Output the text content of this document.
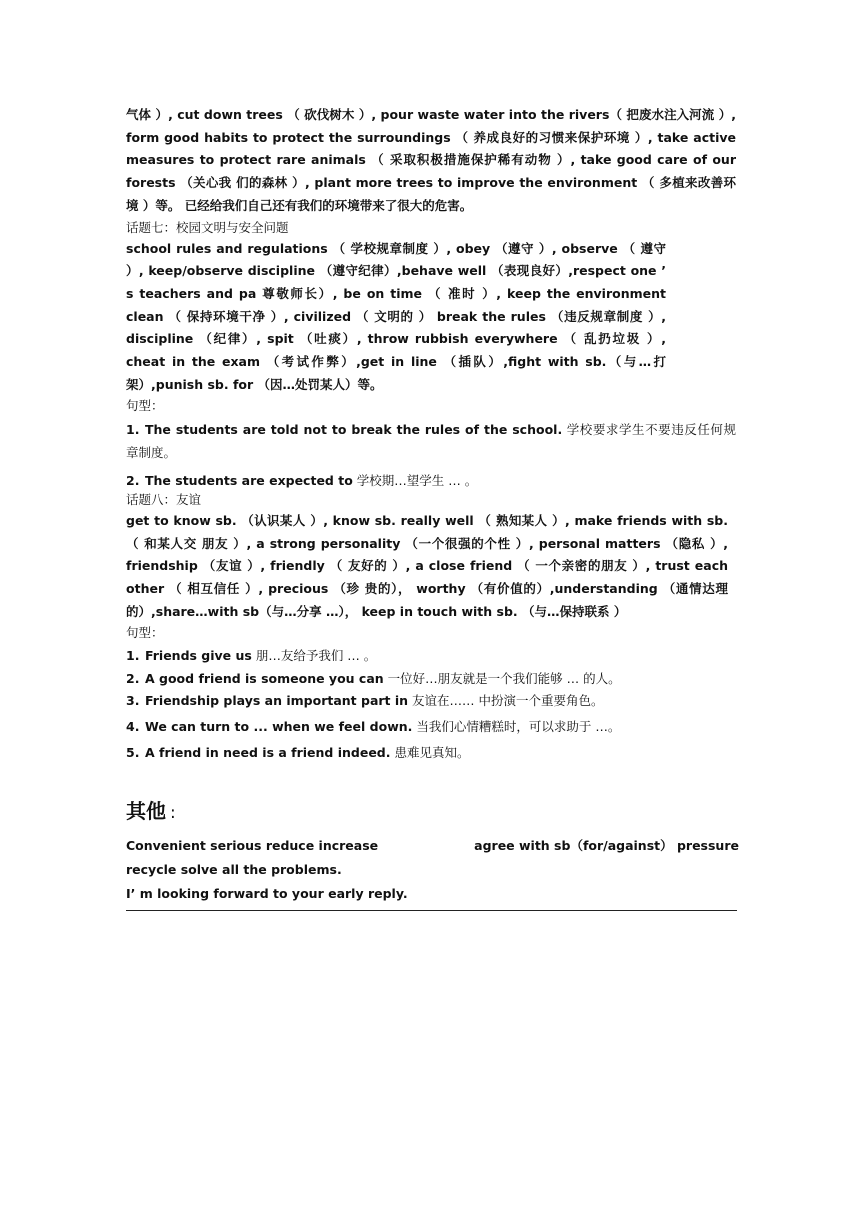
气体 ）, cut down trees （ 砍伐树木 ）, pour waste water into the rivers（ 把废水注入河流 ）, form good habits to protect the surroundings （ 养成良好的习惯来保护环境 ）, take active measures to protect rare animals （ 采取积极措施保护稀有动物 ）, take good care of our forests （关心我 们的森林 ）, plant more trees to improve the environment （ 多植来改善环境 ）等。 已经给我们自己还有我们的环境带来了很大的危害。

话题七：校园文明与安全问题

school rules and regulations （ 学校规章制度 ）, obey （遵守 ）, observe （ 遵守 ）, keep/observe discipline （遵守纪律）,behave well （表现良好）,respect one ’ s teachers and pa 尊敬师长）, be on time （ 准时 ）, keep the environment clean （ 保持环境干净 ）, civilized （ 文明的 ） break the rules （违反规章制度 ）, discipline （纪律）, spit （吐痰）, throw rubbish everywhere （ 乱扔垃圾 ）, cheat in the exam （考试作弊）,get in line （插队）,fight with sb.（与…打架）,punish sb. for （因…处罚某人）等。

句型：

1. The students are told not to break the rules of the school. 学校要求学生不要违反任何规 章制度。

2. The students are expected to 学校期…望学生 … 。

话题八：友谊

get to know sb. （认识某人 ）, know sb. really well （ 熟知某人 ）, make friends with sb. （ 和某人交 朋友 ）, a strong personality （一个很强的个性 ）, personal matters （隐私 ）, friendship （友谊 ）, friendly （ 友好的 ）, a close friend （ 一个亲密的朋友 ）, trust each other （ 相互信任 ）, precious （珍 贵的）， worthy （有价值的）,understanding （通情达理的）,share…with sb（与…分享 …）， keep in touch with sb. （与…保持联系 ）

句型：

1. Friends give us 朋…友给予我们 … 。

2. A good friend is someone you can 一位好…朋友就是一个我们能够 … 的人。

3. Friendship plays an important part in 友谊在…… 中扮演一个重要角色。

4. We can turn to ... when we feel down. 当我们心情糟糕时，可以求助于 …。

5. A friend in need is a friend indeed. 患难见真知。

其他 :

Convenient serious reduce increase	agree with sb（for/against） pressure

recycle solve all the problems.

I’ m looking forward to your early reply.
